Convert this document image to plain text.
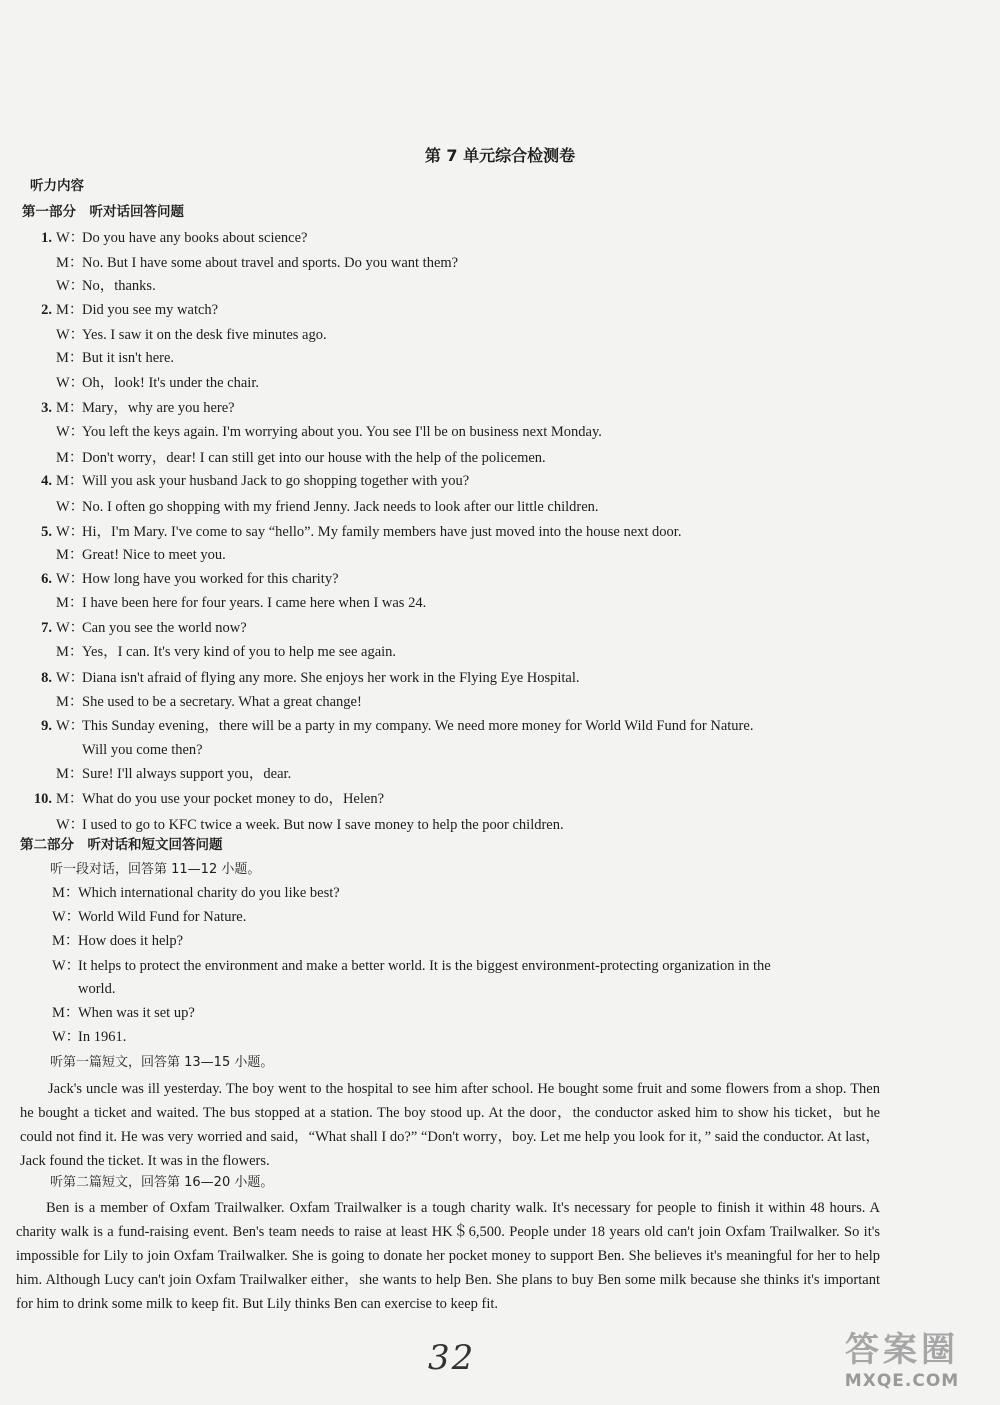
第 7 单元综合检测卷
听力内容
第一部分　听对话回答问题
1. W：Do you have any books about science?
M：No. But I have some about travel and sports. Do you want them?
W：No，thanks.
2. M：Did you see my watch?
W：Yes. I saw it on the desk five minutes ago.
M：But it isn't here.
W：Oh，look! It's under the chair.
3. M：Mary，why are you here?
W：You left the keys again. I'm worrying about you. You see I'll be on business next Monday.
M：Don't worry，dear! I can still get into our house with the help of the policemen.
4. M：Will you ask your husband Jack to go shopping together with you?
W：No. I often go shopping with my friend Jenny. Jack needs to look after our little children.
5. W：Hi，I'm Mary. I've come to say “hello”. My family members have just moved into the house next door.
M：Great! Nice to meet you.
6. W：How long have you worked for this charity?
M：I have been here for four years. I came here when I was 24.
7. W：Can you see the world now?
M：Yes，I can. It's very kind of you to help me see again.
8. W：Diana isn't afraid of flying any more. She enjoys her work in the Flying Eye Hospital.
M：She used to be a secretary. What a great change!
9. W：This Sunday evening，there will be a party in my company. We need more money for World Wild Fund for Nature.
Will you come then?
M：Sure! I'll always support you，dear.
10. M：What do you use your pocket money to do，Helen?
W：I used to go to KFC twice a week. But now I save money to help the poor children.
第二部分　听对话和短文回答问题
听一段对话，回答第 11—12 小题。
M：Which international charity do you like best?
W：World Wild Fund for Nature.
M：How does it help?
W：It helps to protect the environment and make a better world. It is the biggest environment-protecting organization in the
world.
M：When was it set up?
W：In 1961.
听第一篇短文，回答第 13—15 小题。
Jack's uncle was ill yesterday. The boy went to the hospital to see him after school. He bought some fruit and some flowers from a shop. Then he bought a ticket and waited. The bus stopped at a station. The boy stood up. At the door，the conductor asked him to show his ticket，but he could not find it. He was very worried and said，“What shall I do?” “Don't worry，boy. Let me help you look for it，” said the conductor. At last，Jack found the ticket. It was in the flowers.
听第二篇短文，回答第 16—20 小题。
Ben is a member of Oxfam Trailwalker. Oxfam Trailwalker is a tough charity walk. It's necessary for people to finish it within 48 hours. A charity walk is a fund-raising event. Ben's team needs to raise at least HK＄6,500. People under 18 years old can't join Oxfam Trailwalker. So it's impossible for Lily to join Oxfam Trailwalker. She is going to donate her pocket money to support Ben. She believes it's meaningful for her to help him. Although Lucy can't join Oxfam Trailwalker either，she wants to help Ben. She plans to buy Ben some milk because she thinks it's important for him to drink some milk to keep fit. But Lily thinks Ben can exercise to keep fit.
32	答案圈
MXQE.COM
